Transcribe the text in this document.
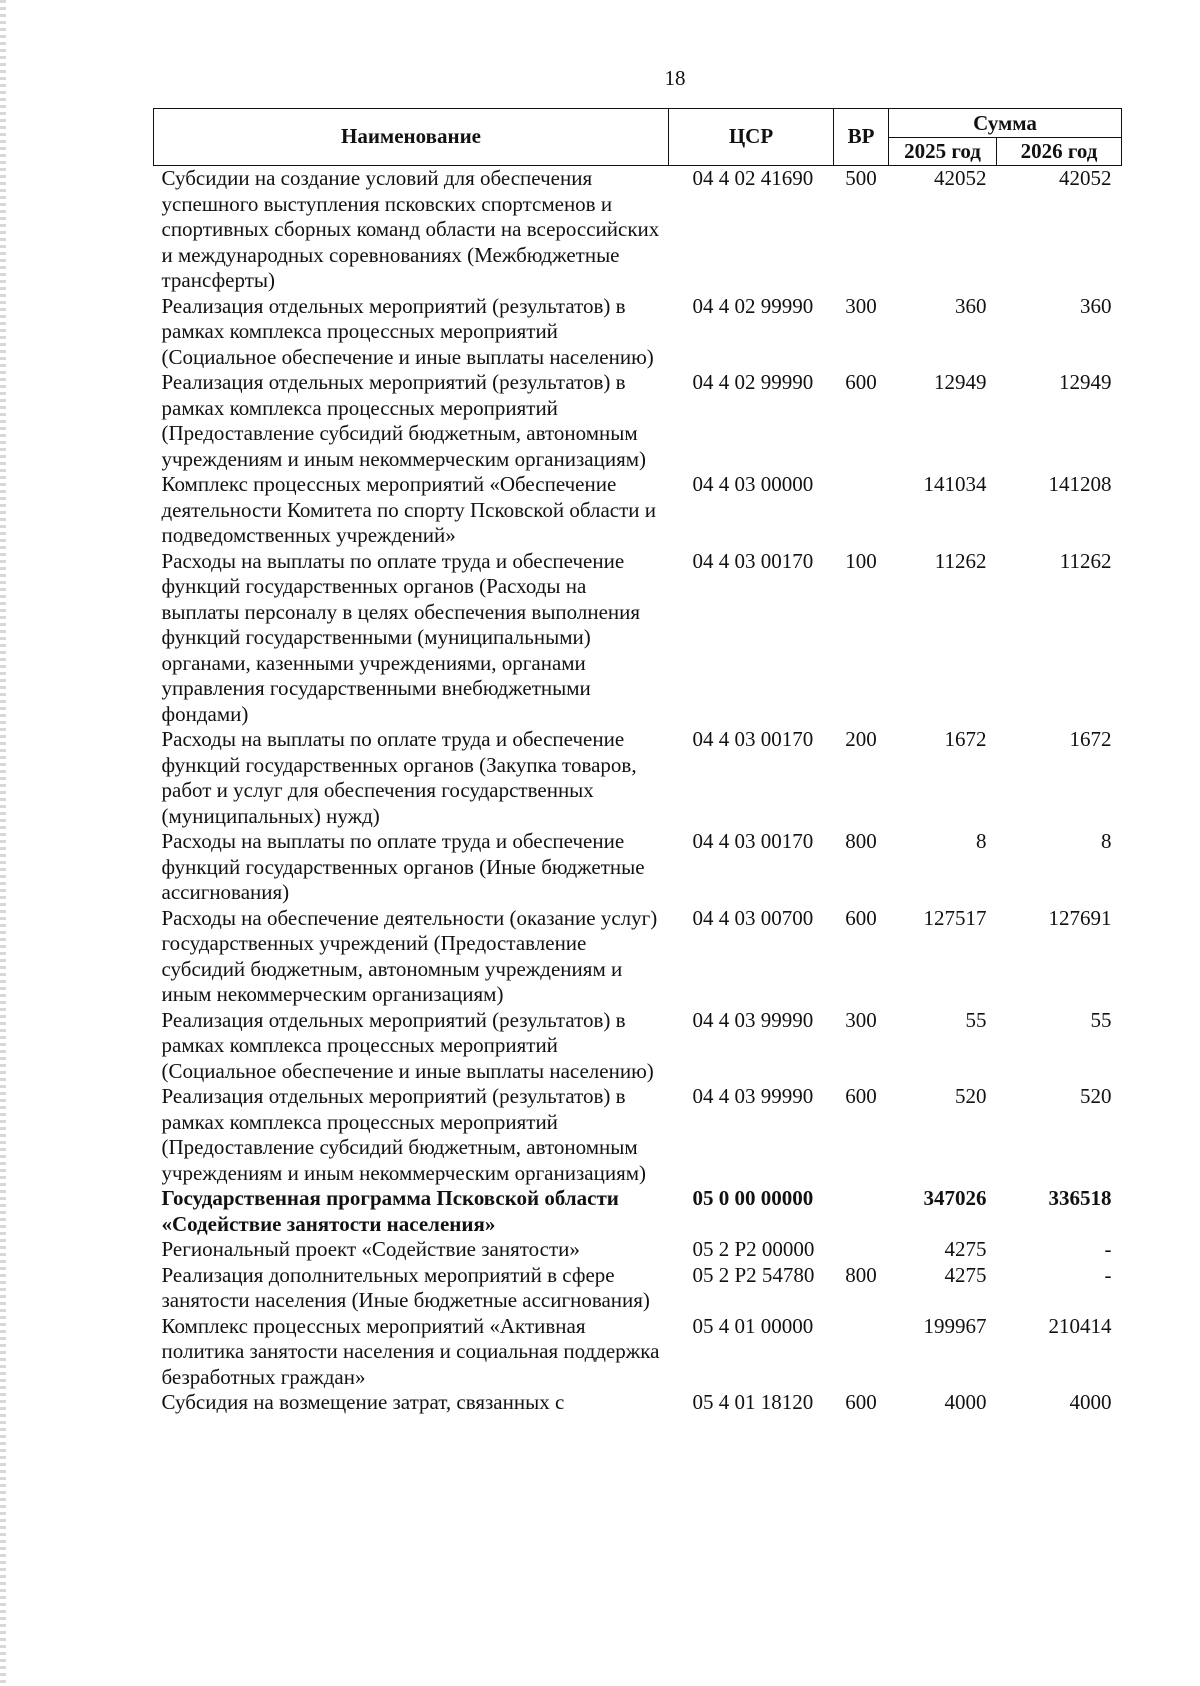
18
Наименование	ЦСР	ВР	Сумма	
			2025 год	2026 год
Субсидии на создание условий для обеспечения успешного выступления псковских спортсменов и спортивных сборных команд области на всероссийских и международных соревнованиях (Межбюджетные трансферты)	04 4 02 41690	500	42052	42052
Реализация отдельных мероприятий (результатов) в рамках комплекса процессных мероприятий (Социальное обеспечение и иные выплаты населению)	04 4 02 99990	300	360	360
Реализация отдельных мероприятий (результатов) в рамках комплекса процессных мероприятий (Предоставление субсидий бюджетным, автономным учреждениям и иным некоммерческим организациям)	04 4 02 99990	600	12949	12949
Комплекс процессных мероприятий «Обеспечение деятельности Комитета по спорту Псковской области и подведомственных учреждений»	04 4 03 00000		141034	141208
Расходы на выплаты по оплате труда и обеспечение функций государственных органов (Расходы на выплаты персоналу в целях обеспечения выполнения функций государственными (муниципальными) органами, казенными учреждениями, органами управления государственными внебюджетными фондами)	04 4 03 00170	100	11262	11262
Расходы на выплаты по оплате труда и обеспечение функций государственных органов (Закупка товаров, работ и услуг для обеспечения государственных (муниципальных) нужд)	04 4 03 00170	200	1672	1672
Расходы на выплаты по оплате труда и обеспечение функций государственных органов (Иные бюджетные ассигнования)	04 4 03 00170	800	8	8
Расходы на обеспечение деятельности (оказание услуг) государственных учреждений (Предоставление субсидий бюджетным, автономным учреждениям и иным некоммерческим организациям)	04 4 03 00700	600	127517	127691
Реализация отдельных мероприятий (результатов) в рамках комплекса процессных мероприятий (Социальное обеспечение и иные выплаты населению)	04 4 03 99990	300	55	55
Реализация отдельных мероприятий (результатов) в рамках комплекса процессных мероприятий (Предоставление субсидий бюджетным, автономным учреждениям и иным некоммерческим организациям)	04 4 03 99990	600	520	520
Государственная программа Псковской области «Содействие занятости населения»	05 0 00 00000		347026	336518
Региональный проект «Содействие занятости»	05 2 Р2 00000		4275	-
Реализация дополнительных мероприятий в сфере занятости населения (Иные бюджетные ассигнования)	05 2 Р2 54780	800	4275	-
Комплекс процессных мероприятий «Активная политика занятости населения и социальная поддержка безработных граждан»	05 4 01 00000		199967	210414
Субсидия на возмещение затрат, связанных с	05 4 01 18120	600	4000	4000
